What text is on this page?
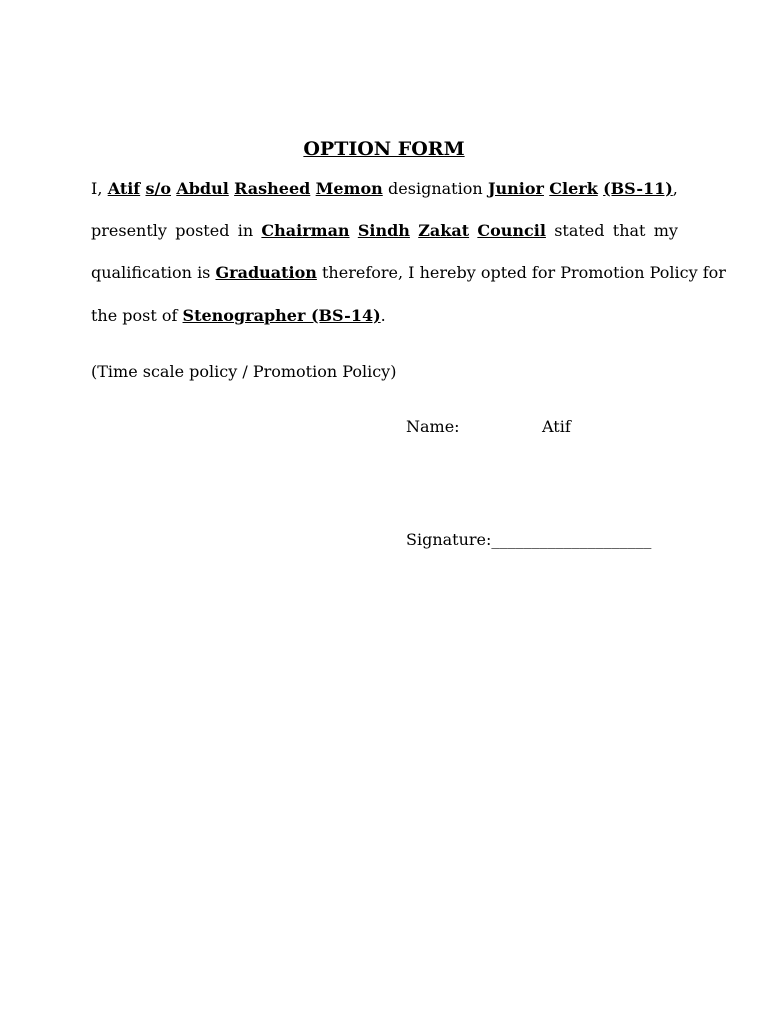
OPTION FORM
I, Atif s/o Abdul Rasheed Memon designation Junior Clerk (BS-11),
presently posted in Chairman Sindh Zakat Council stated that my
qualification is Graduation therefore, I hereby opted for Promotion Policy for
the post of Stenographer (BS-14).
(Time scale policy / Promotion Policy)
Name:	Atif
Signature:____________________
